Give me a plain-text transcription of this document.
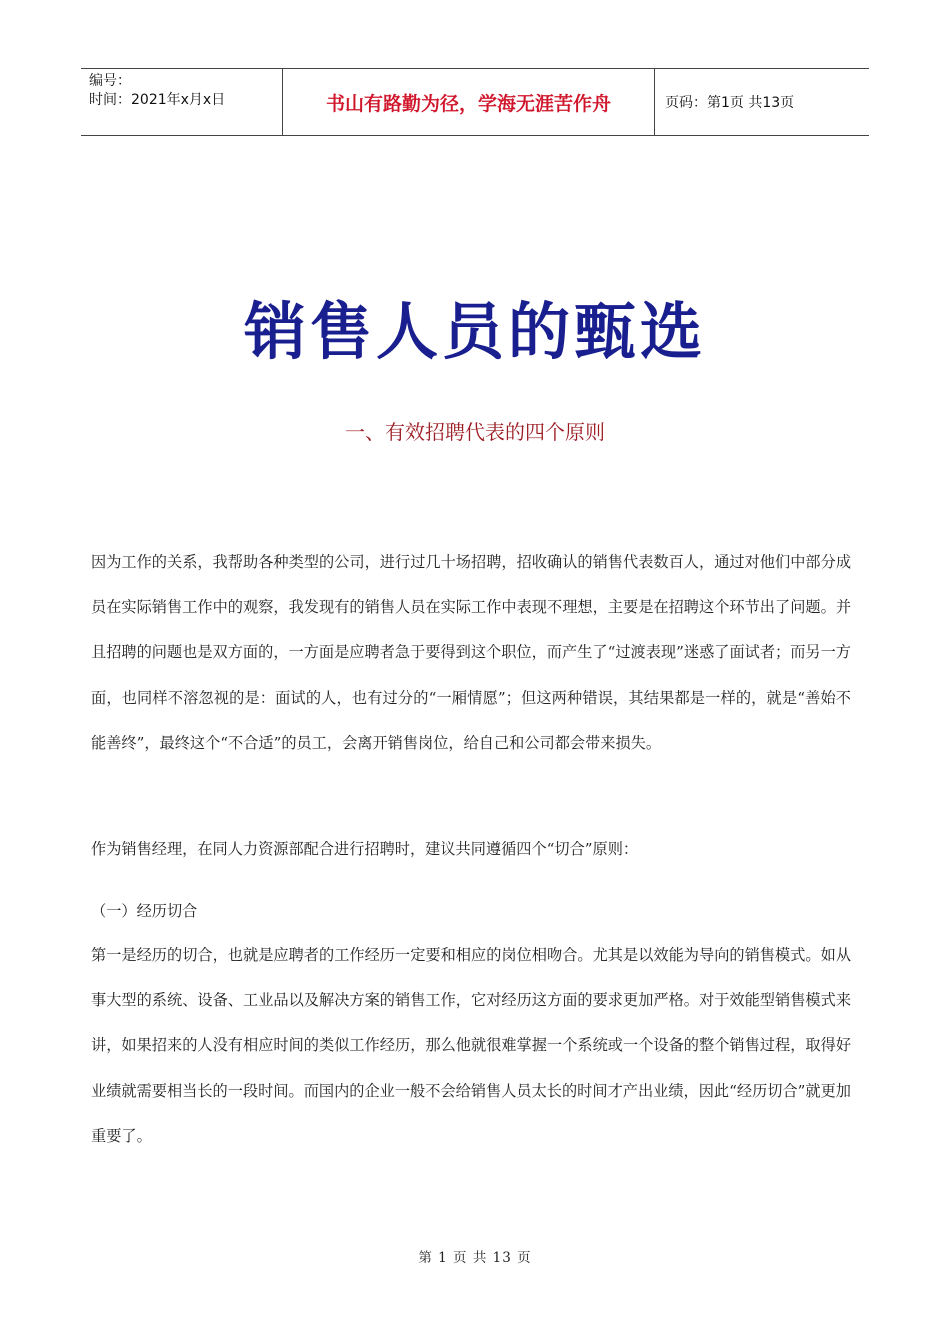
编号：
时间：2021年x月x日	书山有路勤为径，学海无涯苦作舟	页码：第1页 共13页
销售人员的甄选
一、有效招聘代表的四个原则

因为工作的关系，我帮助各种类型的公司，进行过几十场招聘，招收确认的销售代表数百人，通过对他们中部分成员在实际销售工作中的观察，我发现有的销售人员在实际工作中表现不理想，主要是在招聘这个环节出了问题。并且招聘的问题也是双方面的，一方面是应聘者急于要得到这个职位，而产生了“过渡表现”迷惑了面试者；而另一方面，也同样不溶忽视的是：面试的人，也有过分的“一厢情愿”；但这两种错误，其结果都是一样的，就是“善始不能善终”，最终这个“不合适”的员工，会离开销售岗位，给自己和公司都会带来损失。

作为销售经理，在同人力资源部配合进行招聘时，建议共同遵循四个“切合”原则：

（一）经历切合

第一是经历的切合，也就是应聘者的工作经历一定要和相应的岗位相吻合。尤其是以效能为导向的销售模式。如从事大型的系统、设备、工业品以及解决方案的销售工作，它对经历这方面的要求更加严格。对于效能型销售模式来讲，如果招来的人没有相应时间的类似工作经历，那么他就很难掌握一个系统或一个设备的整个销售过程，取得好业绩就需要相当长的一段时间。而国内的企业一般不会给销售人员太长的时间才产出业绩，因此“经历切合”就更加重要了。

第 1 页 共 13 页
